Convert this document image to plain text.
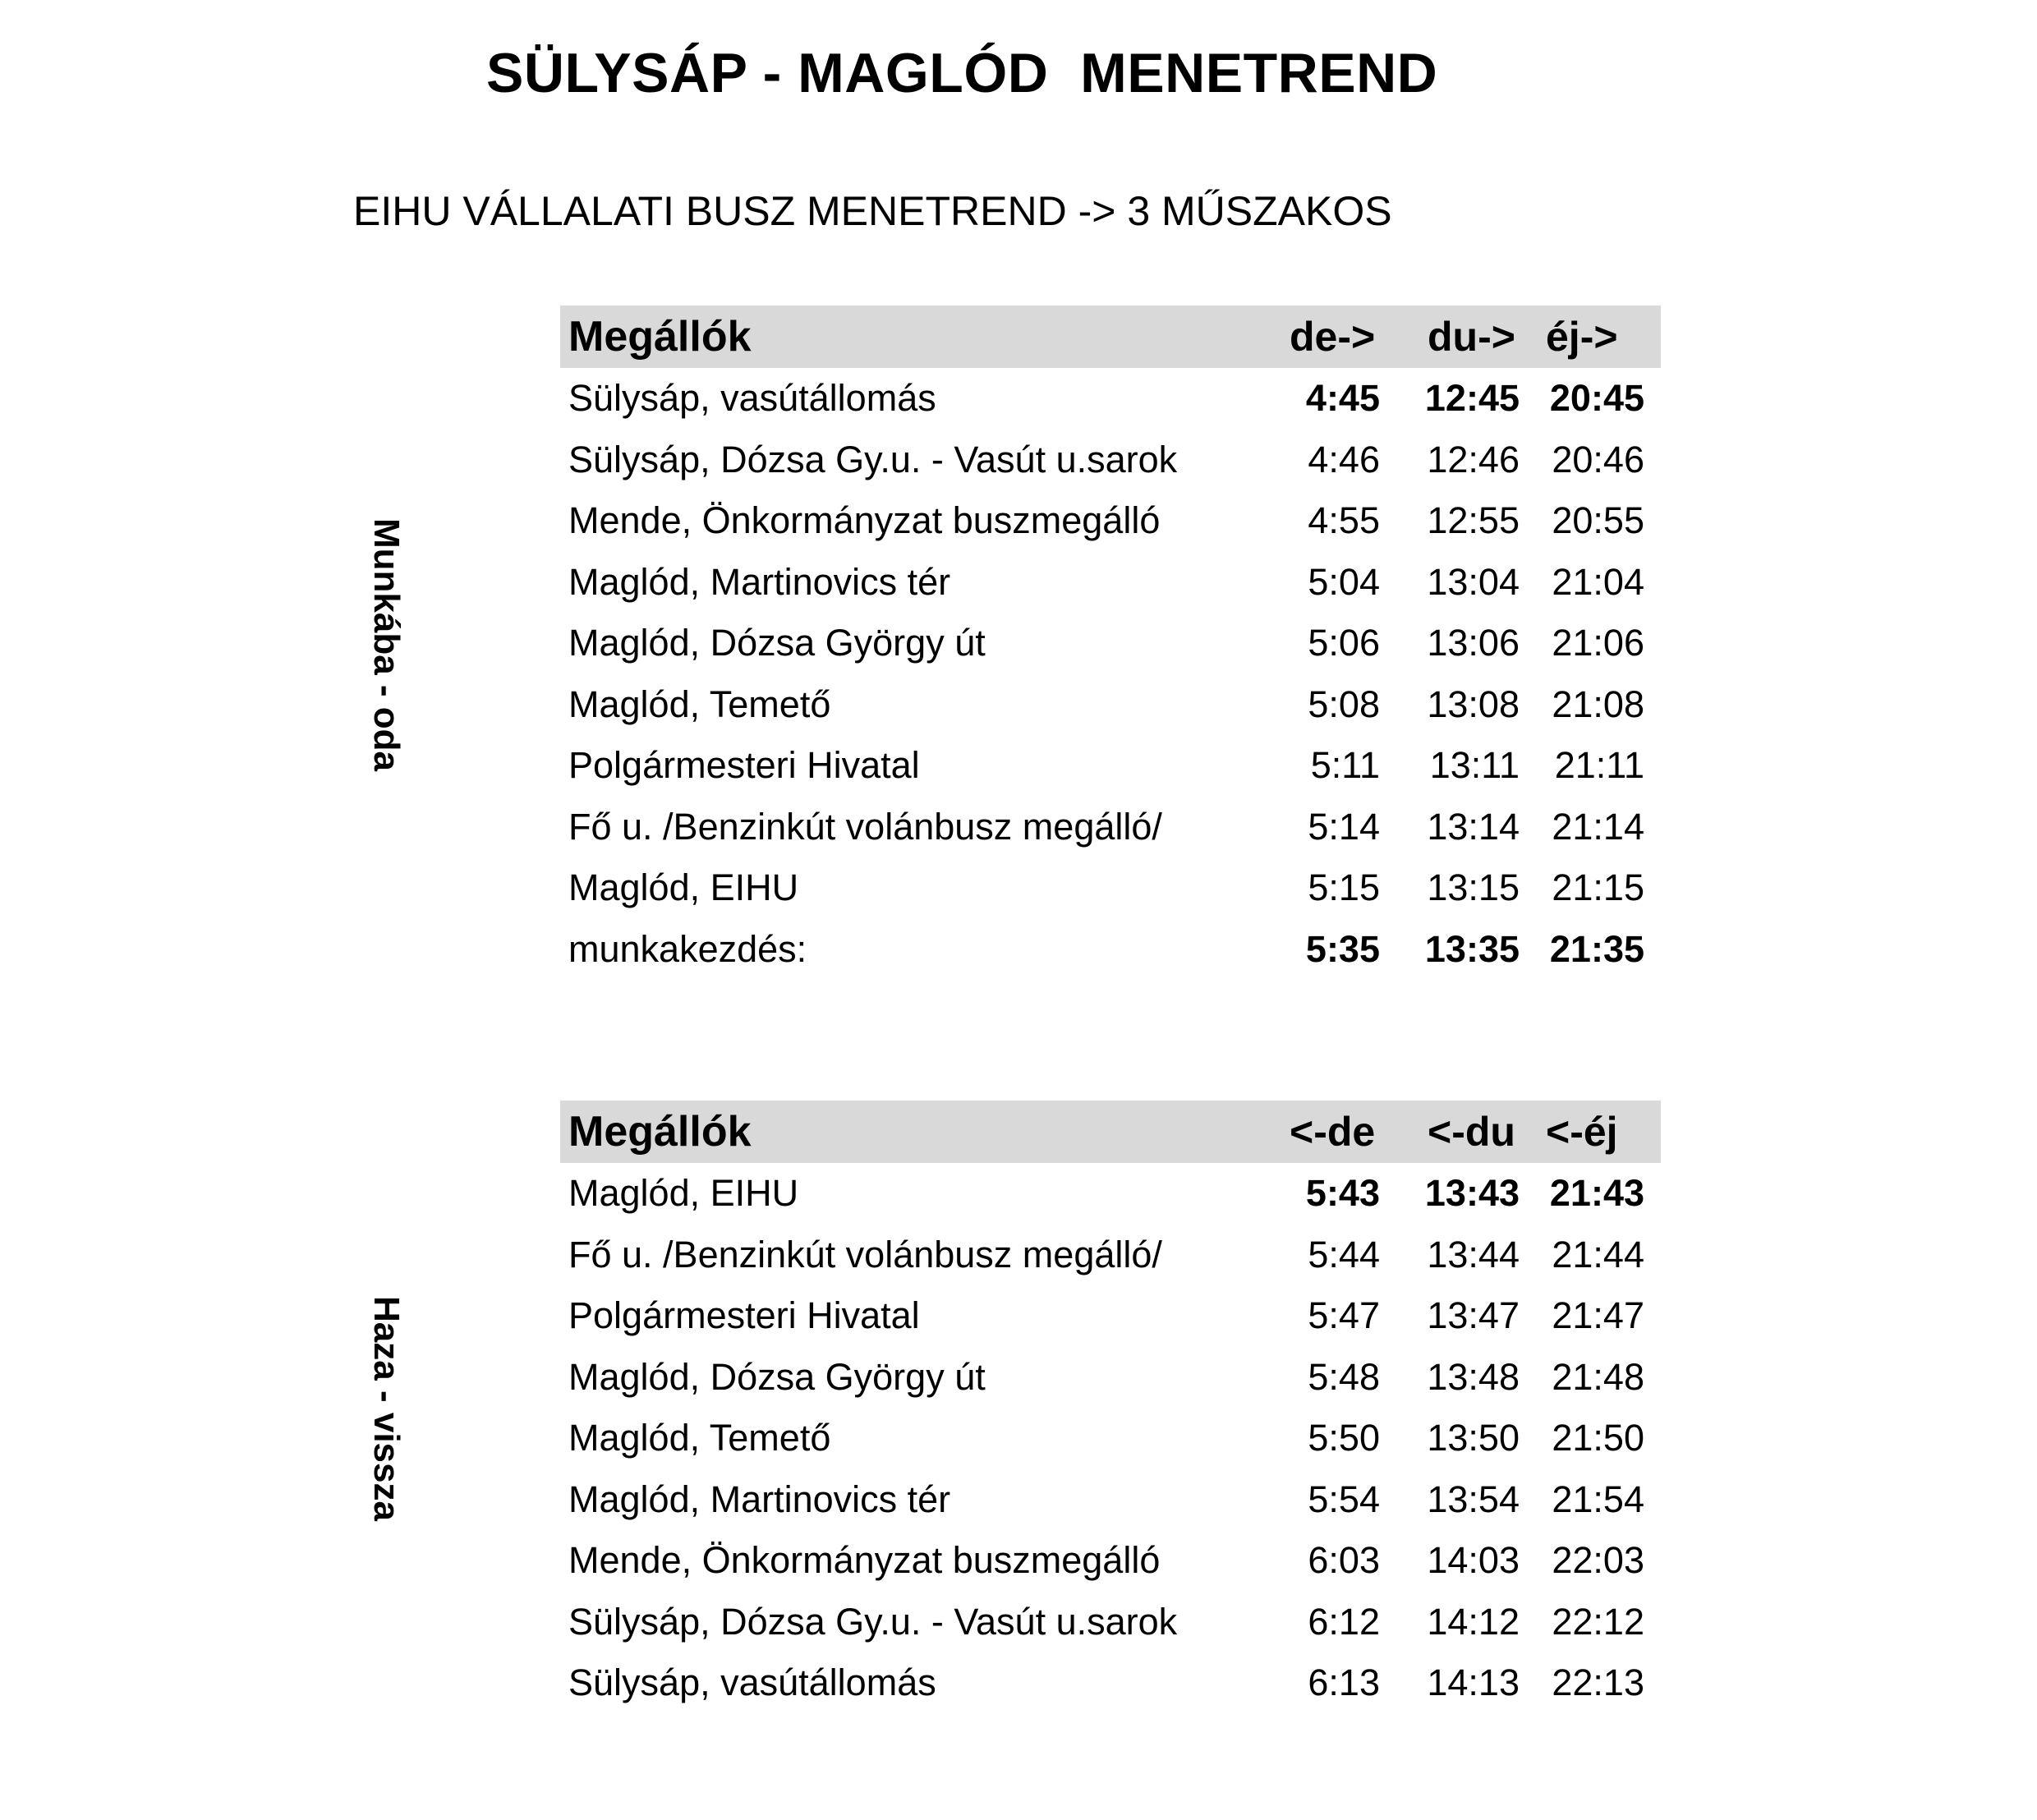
SÜLYSÁP - MAGLÓD  MENETREND
EIHU VÁLLALATI BUSZ MENETREND -> 3 MŰSZAKOS
Munkába - oda
Haza - vissza
Megállók	de->	du-> éj->
Sülysáp, vasútállomás	4:45	12:45 20:45
Sülysáp, Dózsa Gy.u. - Vasút u.sarok	4:46	12:46 20:46
Mende, Önkormányzat buszmegálló	4:55	12:55 20:55
Maglód, Martinovics tér	5:04	13:04 21:04
Maglód, Dózsa György út	5:06	13:06 21:06
Maglód, Temető	5:08	13:08 21:08
Polgármesteri Hivatal	5:11	13:11 21:11
Fő u. /Benzinkút volánbusz megálló/	5:14	13:14 21:14
Maglód, EIHU	5:15	13:15 21:15
munkakezdés:	5:35	13:35 21:35
Megállók	<-de	<-du <-éj
Maglód, EIHU	5:43	13:43 21:43
Fő u. /Benzinkút volánbusz megálló/	5:44	13:44 21:44
Polgármesteri Hivatal	5:47	13:47 21:47
Maglód, Dózsa György út	5:48	13:48 21:48
Maglód, Temető	5:50	13:50 21:50
Maglód, Martinovics tér	5:54	13:54 21:54
Mende, Önkormányzat buszmegálló	6:03	14:03 22:03
Sülysáp, Dózsa Gy.u. - Vasút u.sarok	6:12	14:12 22:12
Sülysáp, vasútállomás	6:13	14:13 22:13
